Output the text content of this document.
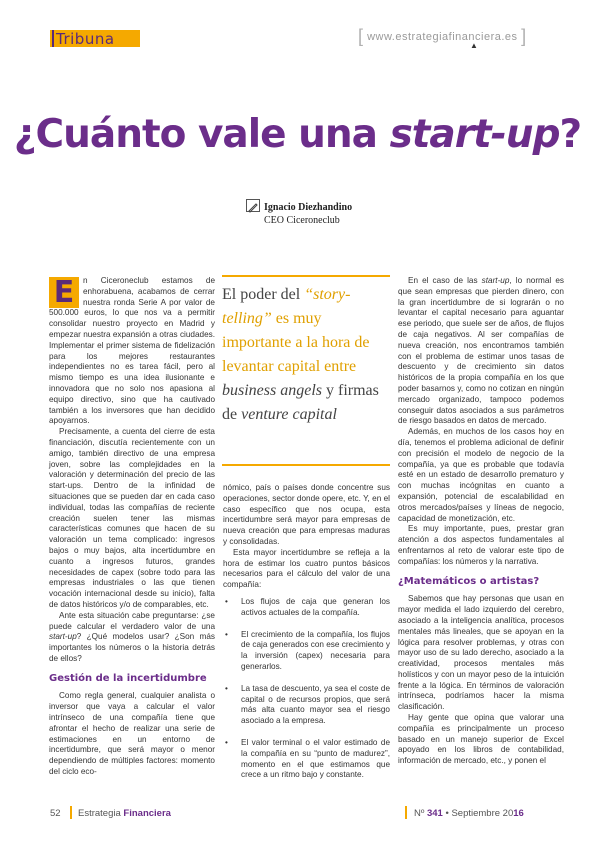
Tribuna	[ www.estrategiafinanciera.es ]
▲
¿Cuánto vale una start-up?
Ignacio Diezhandino
CEO Ciceroneclub

E	n Ciceroneclub estamos de enhorabuena, acabamos de cerrar nuestra ronda Serie A por valor de 500.000 euros, lo que nos va a permitir consolidar nuestro proyecto en Madrid y empezar nuestra expansión a otras ciudades. Implementar el primer sistema de fidelización para los mejores restaurantes independientes no es tarea fácil, pero al mismo tiempo es una idea ilusionante e innovadora que no solo nos apasiona al equipo directivo, sino que ha cautivado también a los inversores que han decidido apoyarnos.

Precisamente, a cuenta del cierre de esta financiación, discutía recientemente con un amigo, también directivo de una empresa joven, sobre las complejidades en la valoración y determinación del precio de las start-ups. Dentro de la infinidad de situaciones que se pueden dar en cada caso individual, todas las compañías de reciente creación suelen tener las mismas características comunes que hacen de su valoración un tema complicado: ingresos bajos o muy bajos, alta incertidumbre en cuanto a ingresos futuros, grandes necesidades de capex (sobre todo para las empresas industriales o las que tienen vocación internacional desde su inicio), falta de datos históricos y/o de comparables, etc.

Ante esta situación cabe preguntarse: ¿se puede calcular el verdadero valor de una start-up? ¿Qué modelos usar? ¿Son más importantes los números o la historia detrás de ellos?

Gestión de la incertidumbre

Como regla general, cualquier analista o inversor que vaya a calcular el valor intrínseco de una compañía tiene que afrontar el hecho de realizar una serie de estimaciones en un entorno de incertidumbre, que será mayor o menor dependiendo de múltiples factores: momento del ciclo eco-

El poder del “story-telling” es muy importante a la hora de levantar capital entre business angels y firmas de venture capital

nómico, país o países donde concentre sus operaciones, sector donde opere, etc. Y, en el caso específico que nos ocupa, esta incertidumbre será mayor para empresas de nueva creación que para empresas maduras y consolidadas.

Esta mayor incertidumbre se refleja a la hora de estimar los cuatro puntos básicos necesarios para el cálculo del valor de una compañía:

• Los flujos de caja que generan los activos actuales de la compañía.
• El crecimiento de la compañía, los flujos de caja generados con ese crecimiento y la inversión (capex) necesaria para generarlos.
• La tasa de descuento, ya sea el coste de capital o de recursos propios, que será más alta cuanto mayor sea el riesgo asociado a la empresa.
• El valor terminal o el valor estimado de la compañía en su “punto de madurez”, momento en el que estimamos que crece a un ritmo bajo y constante.

En el caso de las start-up, lo normal es que sean empresas que pierden dinero, con la gran incertidumbre de si lograrán o no levantar el capital necesario para aguantar ese periodo, que suele ser de años, de flujos de caja negativos. Al ser compañías de nueva creación, nos encontramos también con el problema de estimar unos tasas de descuento y de crecimiento sin datos históricos de la propia compañía en los que poder basarnos y, como no cotizan en ningún mercado organizado, tampoco podemos conseguir datos asociados a sus parámetros de riesgo basados en datos de mercado.

Además, en muchos de los casos hoy en día, tenemos el problema adicional de definir con precisión el modelo de negocio de la compañía, ya que es probable que todavía esté en un estado de desarrollo prematuro y con muchas incógnitas en cuanto a expansión, potencial de escalabilidad en otros mercados/países y líneas de negocio, capacidad de monetización, etc.

Es muy importante, pues, prestar gran atención a dos aspectos fundamentales al enfrentarnos al reto de valorar este tipo de compañías: los números y la narrativa.

¿Matemáticos o artistas?

Sabemos que hay personas que usan en mayor medida el lado izquierdo del cerebro, asociado a la inteligencia analítica, procesos mentales más lineales, que se apoyan en la lógica para resolver problemas, y otras con mayor uso de su lado derecho, asociado a la creatividad, procesos mentales más holísticos y con un mayor peso de la intuición frente a la lógica. En términos de valoración intrínseca, podríamos hacer la misma clasificación.

Hay gente que opina que valorar una compañía es principalmente un proceso basado en un manejo superior de Excel apoyado en los libros de contabilidad, información de mercado, etc., y ponen el

52 Estrategia Financiera	Nº 341 • Septiembre 2016
